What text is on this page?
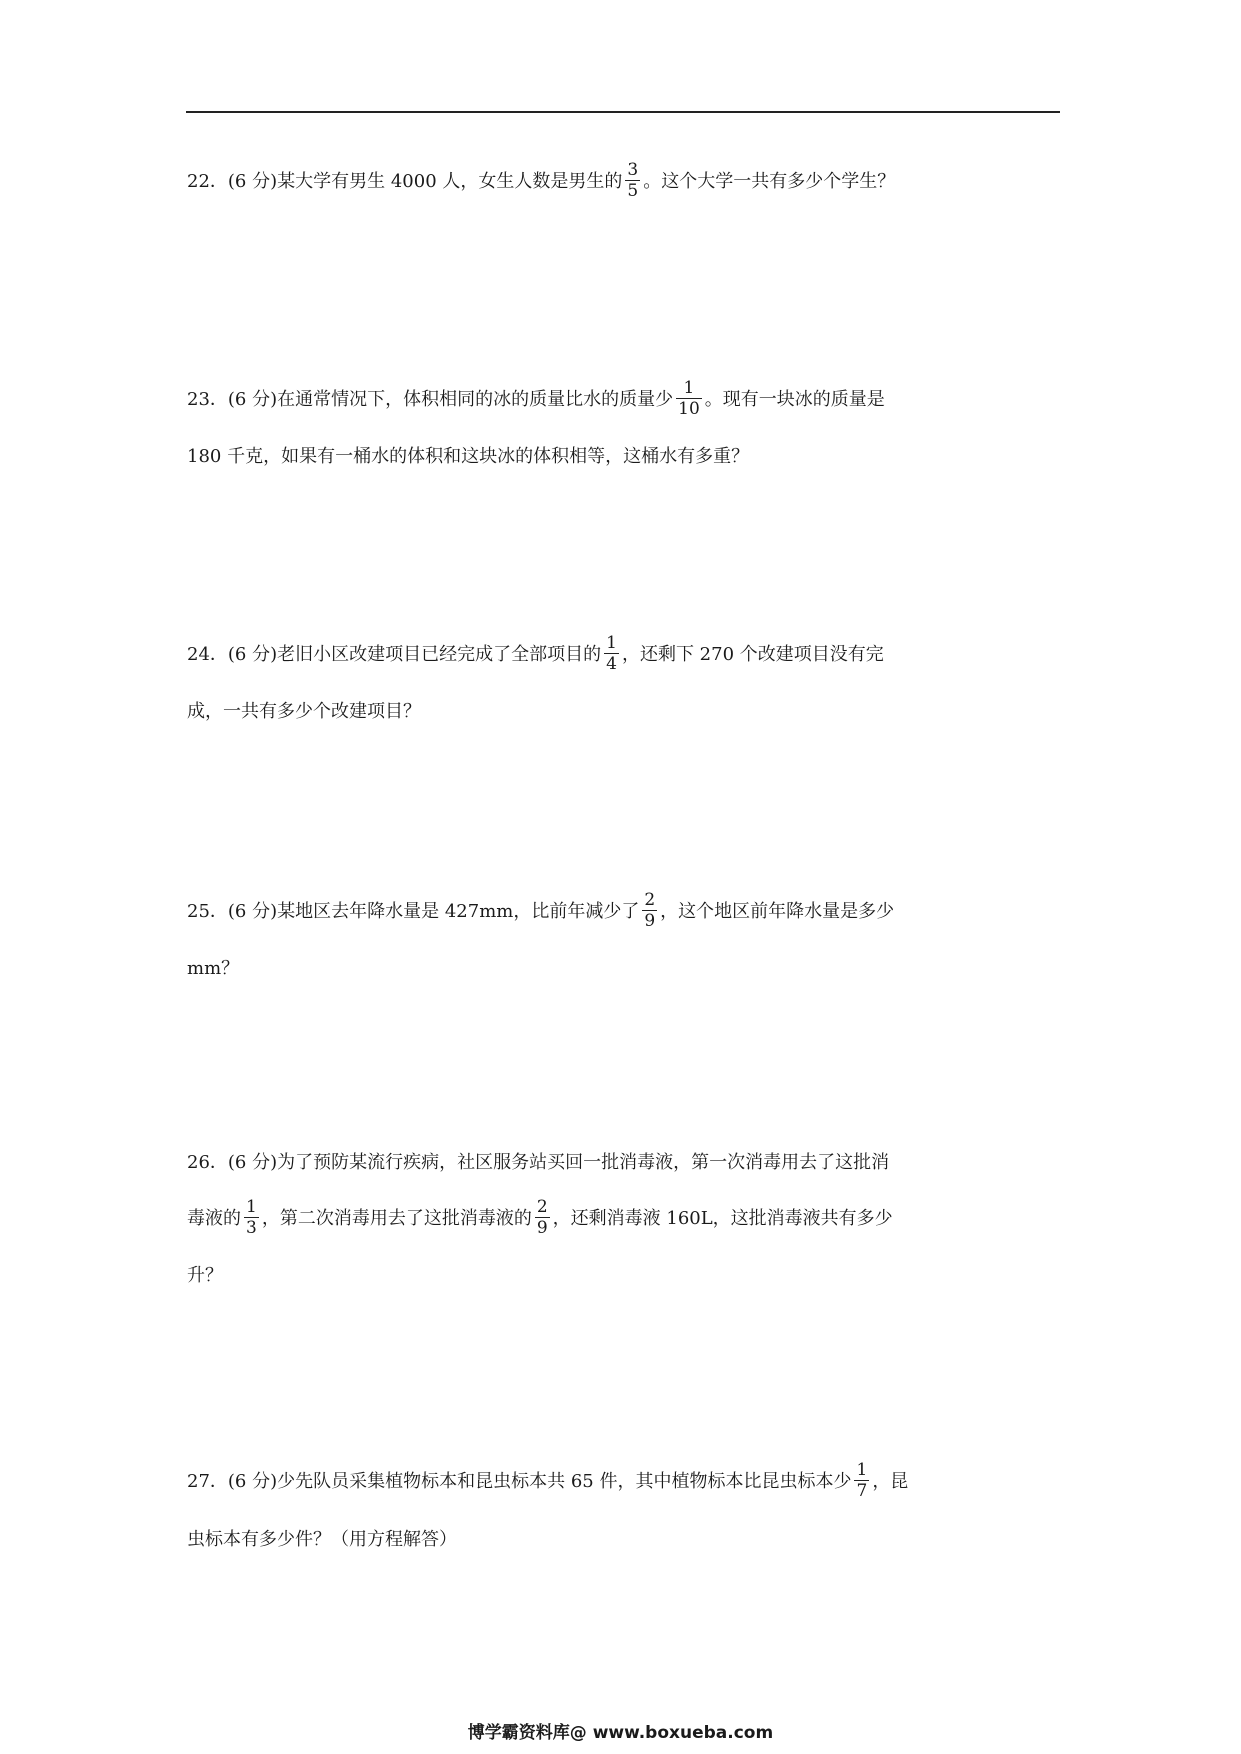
22． (6 分) 某大学有男生 4000 人，女生人数是男生的 $\frac{3}{5}$ 。这个大学一共有多少个学生？
23． (6 分) 在通常情况下，体积相同的冰的质量比水的质量少 $\frac{1}{10}$ 。现有一块冰的质量是
180 千克，如果有一桶水的体积和这块冰的体积相等，这桶水有多重？
24． (6 分) 老旧小区改建项目已经完成了全部项目的 $\frac{1}{4}$ ，还剩下 270 个改建项目没有完
成，一共有多少个改建项目？
25． (6 分) 某地区去年降水量是 427mm，比前年减少了 $\frac{2}{9}$ ，这个地区前年降水量是多少
mm？
26． (6 分) 为了预防某流行疾病，社区服务站买回一批消毒液，第一次消毒用去了这批消
毒液的 $\frac{1}{3}$ ，第二次消毒用去了这批消毒液的 $\frac{2}{9}$ ，还剩消毒液 160L，这批消毒液共有多少
升？
27． (6 分) 少先队员采集植物标本和昆虫标本共 65 件，其中植物标本比昆虫标本少 $\frac{1}{7}$ ，昆
虫标本有多少件？（用方程解答）
博学霸资料库@ www.boxueba.com
